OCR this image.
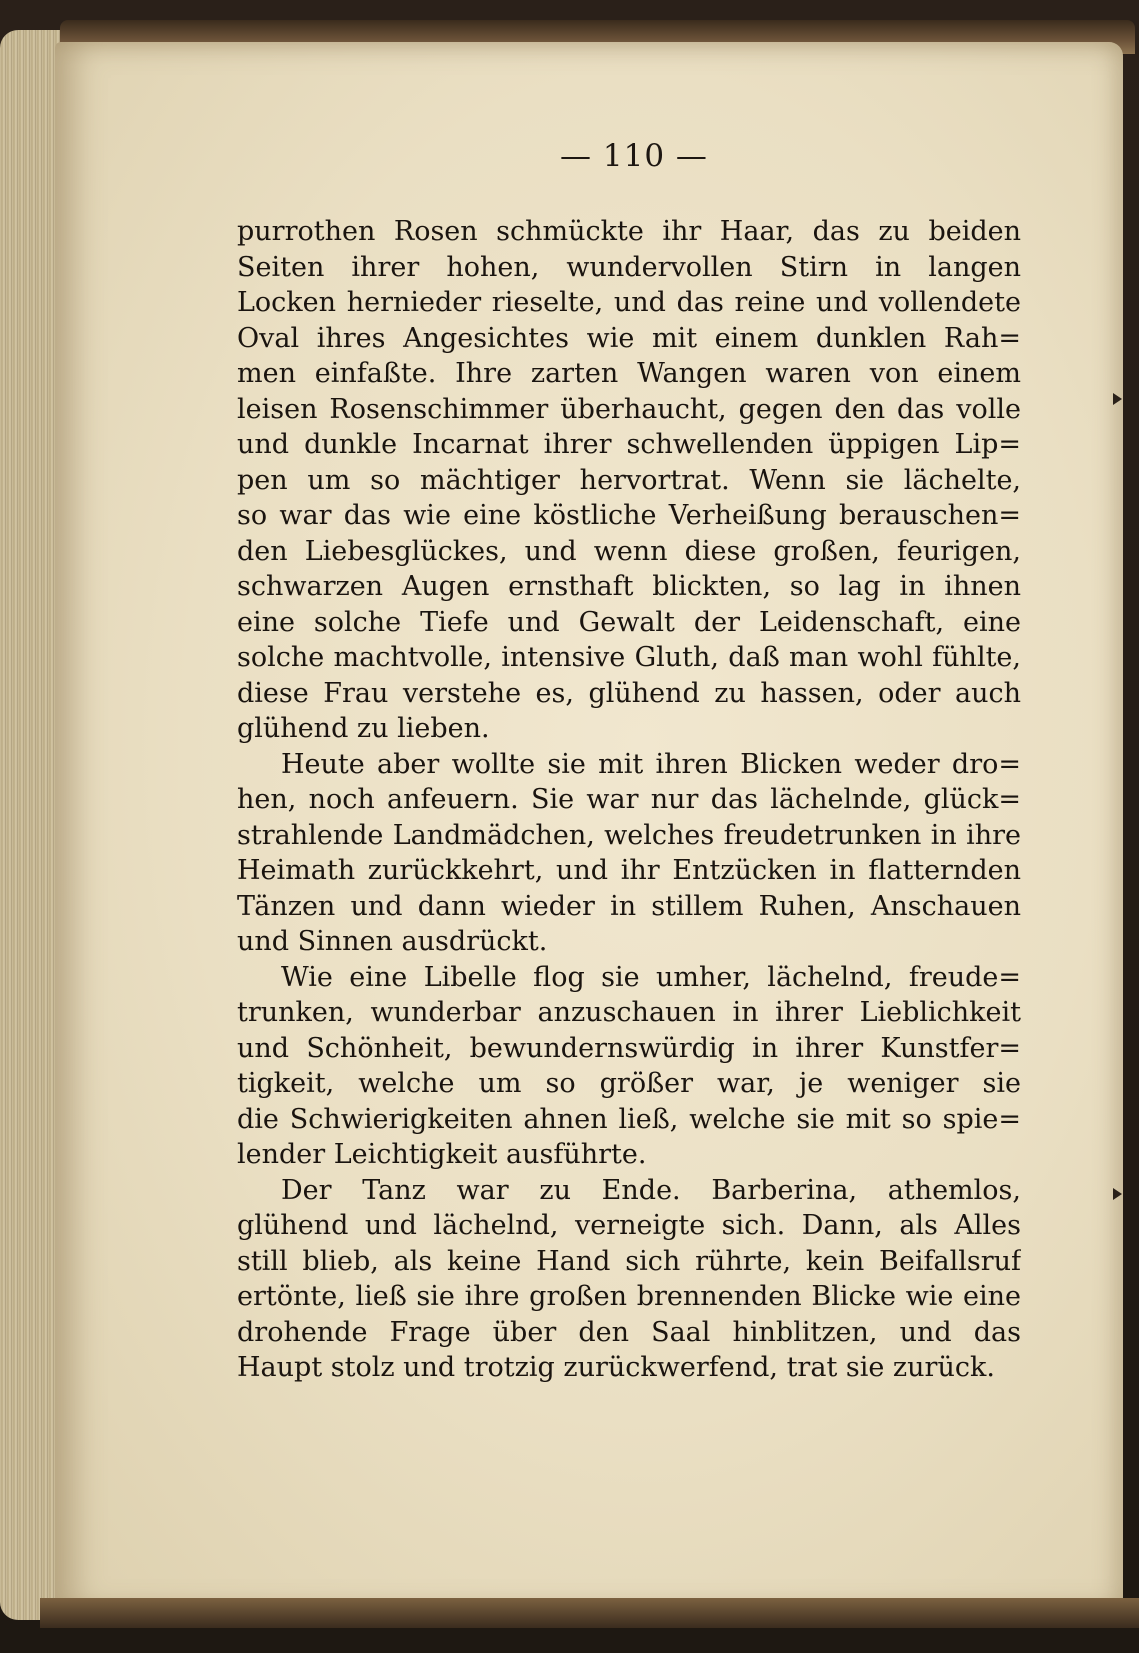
— 110 —
purrothen Rosen schmückte ihr Haar, das zu beiden
Seiten ihrer hohen, wundervollen Stirn in langen
Locken hernieder rieselte, und das reine und vollendete
Oval ihres Angesichtes wie mit einem dunklen Rah=
men einfaßte. Ihre zarten Wangen waren von einem
leisen Rosenschimmer überhaucht, gegen den das volle
und dunkle Incarnat ihrer schwellenden üppigen Lip=
pen um so mächtiger hervortrat. Wenn sie lächelte,
so war das wie eine köstliche Verheißung berauschen=
den Liebesglückes, und wenn diese großen, feurigen,
schwarzen Augen ernsthaft blickten, so lag in ihnen
eine solche Tiefe und Gewalt der Leidenschaft, eine
solche machtvolle, intensive Gluth, daß man wohl fühlte,
diese Frau verstehe es, glühend zu hassen, oder auch
glühend zu lieben.
Heute aber wollte sie mit ihren Blicken weder dro=
hen, noch anfeuern. Sie war nur das lächelnde, glück=
strahlende Landmädchen, welches freudetrunken in ihre
Heimath zurückkehrt, und ihr Entzücken in flatternden
Tänzen und dann wieder in stillem Ruhen, Anschauen
und Sinnen ausdrückt.
Wie eine Libelle flog sie umher, lächelnd, freude=
trunken, wunderbar anzuschauen in ihrer Lieblichkeit
und Schönheit, bewundernswürdig in ihrer Kunstfer=
tigkeit, welche um so größer war, je weniger sie
die Schwierigkeiten ahnen ließ, welche sie mit so spie=
lender Leichtigkeit ausführte.
Der Tanz war zu Ende. Barberina, athemlos,
glühend und lächelnd, verneigte sich. Dann, als Alles
still blieb, als keine Hand sich rührte, kein Beifallsruf
ertönte, ließ sie ihre großen brennenden Blicke wie eine
drohende Frage über den Saal hinblitzen, und das
Haupt stolz und trotzig zurückwerfend, trat sie zurück.
